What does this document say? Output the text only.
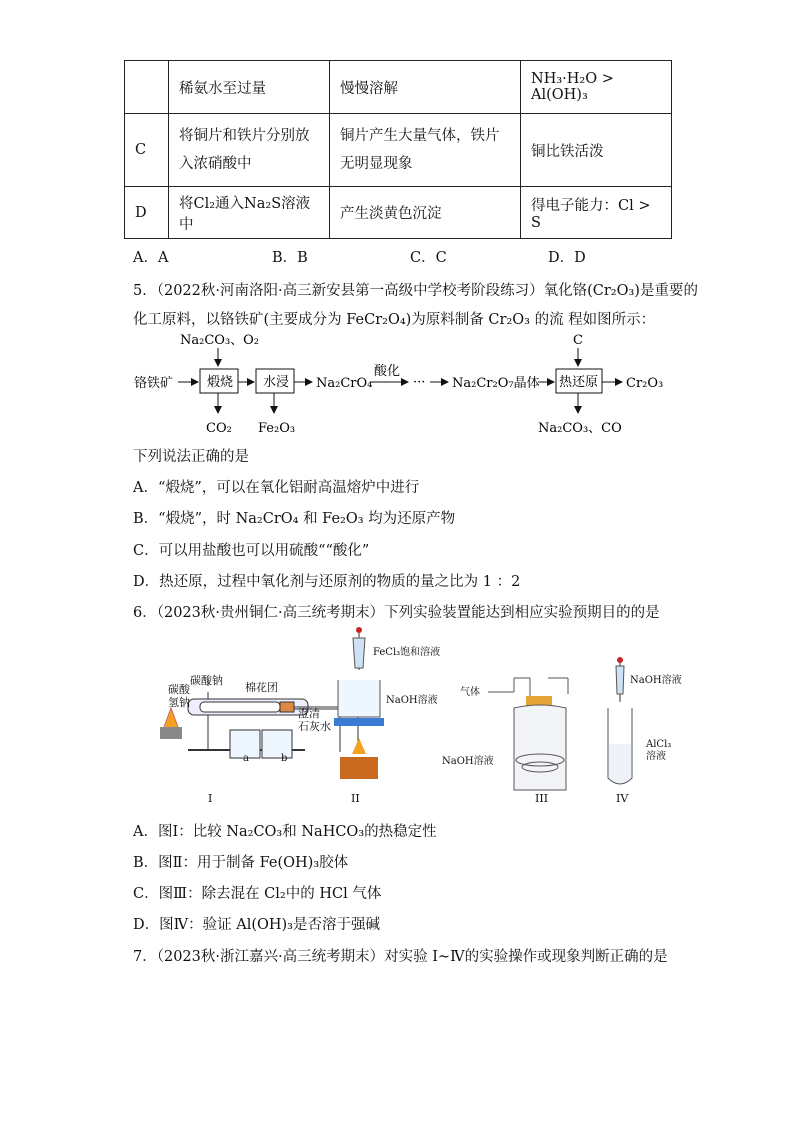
	稀氨水至过量	慢慢溶解	NH₃·H₂O > Al(OH)₃
C	将铜片和铁片分别放入浓硝酸中	铜片产生大量气体，铁片无明显现象	铜比铁活泼
D	将Cl₂通入Na₂S溶液中	产生淡黄色沉淀	得电子能力：Cl > S
A．A	B．B	C．C	D．D
5．（2022秋·河南洛阳·高三新安县第一高级中学校考阶段练习）氧化铬(Cr₂O₃)是重要的
化工原料，以铬铁矿(主要成分为 FeCr₂O₄)为原料制备 Cr₂O₃ 的流 程如图所示：
Na₂CO₃、O₂
铬铁矿	煅烧 水浸 Na₂CrO₄
酸化
··· Na₂Cr₂O₇晶体
C
热还原 Cr₂O₃
CO₂ Fe₂O₃	Na₂CO₃、CO
下列说法正确的是
A．“煅烧”，可以在氧化铝耐高温熔炉中进行
B．“煅烧”，时 Na₂CrO₄ 和 Fe₂O₃ 均为还原产物
C．可以用盐酸也可以用硫酸““酸化”
D．热还原，过程中氧化剂与还原剂的物质的量之比为 1 ：2
6．（2023秋·贵州铜仁·高三统考期末）下列实验装置能达到相应实验预期目的的是
碳酸
氢钠
碳酸钠
棉花团
澄清
石灰水
a	b
I
FeCl₃饱和溶液
NaOH溶液
II
气体
NaOH溶液
III
NaOH溶液
AlCl₃
溶液
IV
A．图Ⅰ：比较 Na₂CO₃和 NaHCO₃的热稳定性
B．图Ⅱ：用于制备 Fe(OH)₃胶体
C．图Ⅲ：除去混在 Cl₂中的 HCl 气体
D．图Ⅳ：验证 Al(OH)₃是否溶于强碱
7．（2023秋·浙江嘉兴·高三统考期末）对实验 Ⅰ~Ⅳ的实验操作或现象判断正确的是
